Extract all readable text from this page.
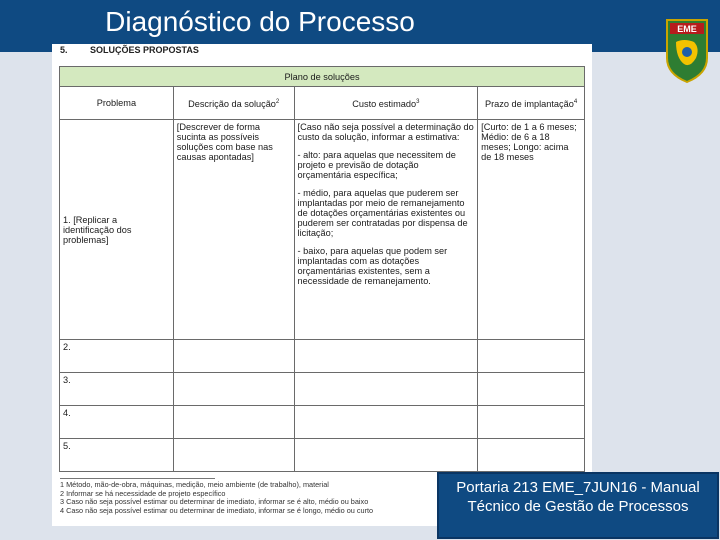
Diagnóstico do Processo	EME
5. SOLUÇÕES PROPOSTAS
Plano de soluções			
Problema	Descrição da solução$^2$	Custo estimado$^3$	Prazo de implantação$^4$
1. [Replicar a identificação dos problemas]	[Descrever de forma sucinta as possíveis soluções com base nas causas apontadas]	[Caso não seja possível a determinação do custo da solução, informar a estimativa:

- alto: para aquelas que necessitem de projeto e previsão de dotação orçamentária específica;

- médio, para aquelas que puderem ser implantadas por meio de remanejamento de dotações orçamentárias existentes ou puderem ser contratadas por dispensa de licitação;

- baixo, para aquelas que podem ser implantadas com as dotações orçamentárias existentes, sem a necessidade de remanejamento.	[Curto: de 1 a 6 meses; Médio: de 6 a 18 meses; Longo: acima de 18 meses
2.			
3.			
4.			
5.			
1 Método, mão-de-obra, máquinas, medição, meio ambiente (de trabalho), material
2 Informar se há necessidade de projeto específico
3 Caso não seja possível estimar ou determinar de imediato, informar se é alto, médio ou baixo
4 Caso não seja possível estimar ou determinar de imediato, informar se é longo, médio ou curto
Portaria 213 EME_7JUN16 - Manual Técnico de Gestão de Processos
